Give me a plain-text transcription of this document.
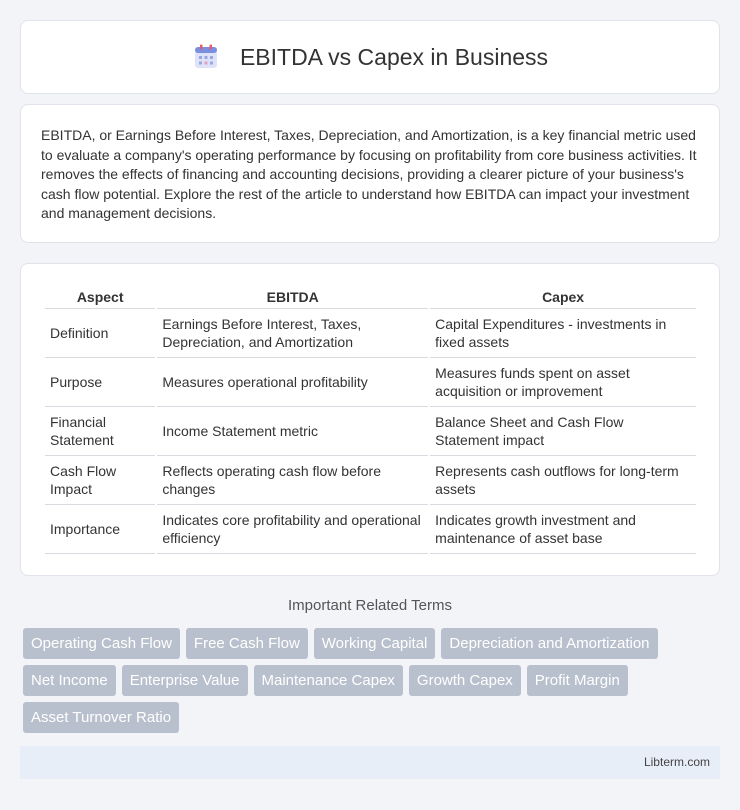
EBITDA vs Capex in Business

EBITDA, or Earnings Before Interest, Taxes, Depreciation, and Amortization, is a key financial metric used to evaluate a company's operating performance by focusing on profitability from core business activities. It removes the effects of financing and accounting decisions, providing a clearer picture of your business's cash flow potential. Explore the rest of the article to understand how EBITDA can impact your investment and management decisions.

Aspect	EBITDA	Capex
Definition	Earnings Before Interest, Taxes, Depreciation, and Amortization	Capital Expenditures - investments in fixed assets
Purpose	Measures operational profitability	Measures funds spent on asset acquisition or improvement
Financial Statement	Income Statement metric	Balance Sheet and Cash Flow Statement impact
Cash Flow Impact	Reflects operating cash flow before changes	Represents cash outflows for long-term assets
Importance	Indicates core profitability and operational efficiency	Indicates growth investment and maintenance of asset base
Important Related Terms
Operating Cash Flow	Free Cash Flow	Working Capital	Depreciation and Amortization
Net Income	Enterprise Value	Maintenance Capex	Growth Capex	Profit Margin
Asset Turnover Ratio
Libterm.com
